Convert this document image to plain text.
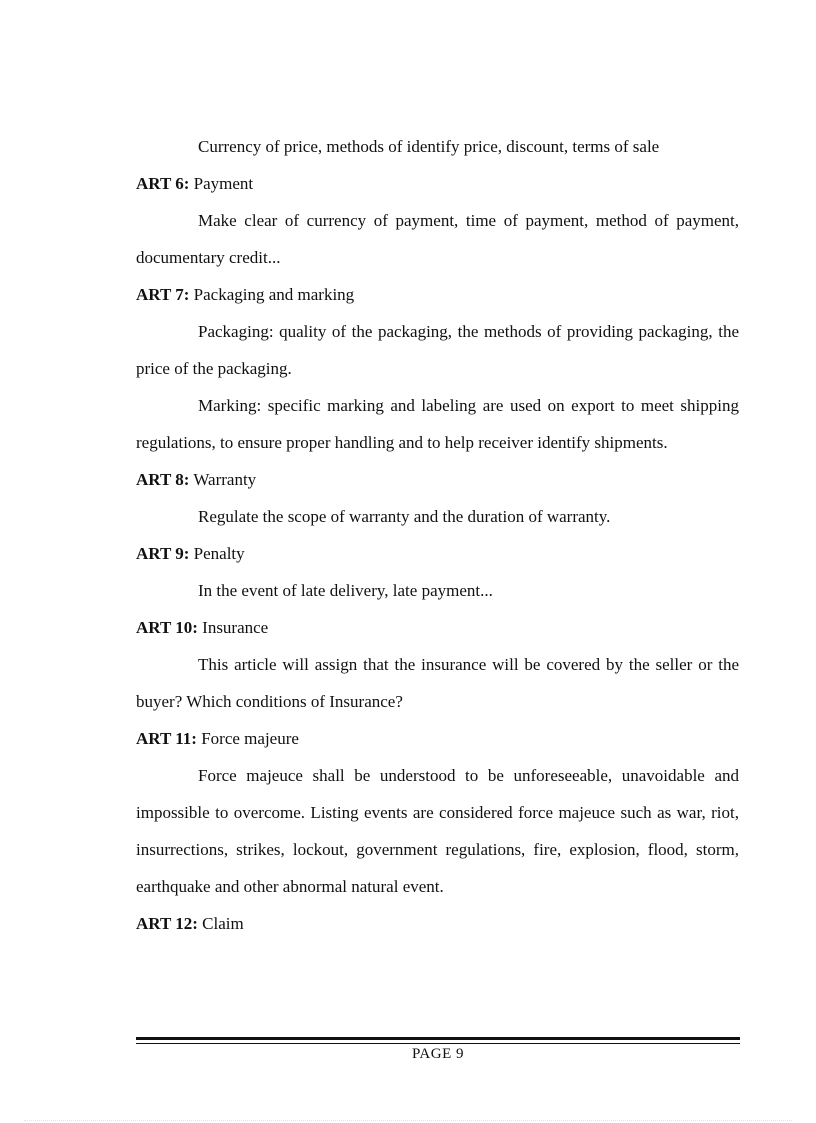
Currency of price, methods of identify price, discount, terms of sale

ART 6: Payment

Make clear of currency of payment, time of payment, method of payment, documentary credit...

ART 7: Packaging and marking

Packaging: quality of the packaging, the methods of providing packaging, the price of the packaging.

Marking: specific marking and labeling are used on export to meet shipping regulations, to ensure proper handling and to help receiver identify shipments.

ART 8: Warranty

Regulate the scope of warranty and the duration of warranty.

ART 9: Penalty

In the event of late delivery, late payment...

ART 10: Insurance

This article will assign that the insurance will be covered by the seller or the buyer? Which conditions of Insurance?

ART 11: Force majeure

Force majeuce shall be understood to be unforeseeable, unavoidable and impossible to overcome. Listing events are considered force majeuce such as war, riot, insurrections, strikes, lockout, government regulations, fire, explosion, flood, storm, earthquake and other abnormal natural event.

ART 12: Claim

PAGE 9
